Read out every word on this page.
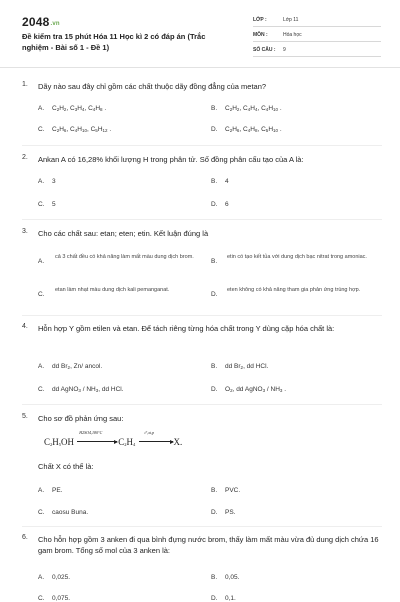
2048.vn
Đề kiểm tra 15 phút Hóa 11 Học kì 2 có đáp án (Trắc nghiệm - Bài số 1 - Đề 1)
LỚP :	Lớp 11
MÔN :	Hóa học
SỐ CÂU : 9
1. Dãy nào sau đây chỉ gồm các chất thuộc dãy đồng đẳng của metan?
A. $C_2H_2$, $C_3H_4$, $C_4H_8$ .	B. $C_2H_2$, $C_4H_4$, $C_4H_{10}$ .
C. $C_2H_6$, $C_4H_{10}$, $C_5H_{12}$ .	D. $C_2H_6$, $C_4H_8$, $C_5H_{10}$ .
2. Ankan A có 16,28% khối lượng H trong phân tử. Số đồng phân cấu tạo của A là:
A. 3	B. 4
C. 5	D. 6
3. Cho các chất sau: etan; eten; etin. Kết luận đúng là
A.
cả 3 chất đều có khả năng làm mất màu dung dịch brom.
B.
etin có tạo kết tủa với dung dịch bạc nitrat trong amoniac.
C.
etan làm nhạt màu dung dịch kali pemanganat.
D.
eten không có khả năng tham gia phản ứng trùng hợp.
4. Hỗn hợp Y gồm etilen và etan. Để tách riêng từng hóa chất trong Y dùng cặp hóa chất là:
A. dd $Br_2$, Zn/ ancol.	B. dd $Br_2$, dd HCl.
C. dd AgNO$_3$ / $NH_3$, dd HCl.	D. $O_2$, dd AgNO$_3$ / $NH_3$ .
5. Cho sơ đồ phản ứng sau:
$C_2H_5OH$
H2SO4,180°C
$C_2H_4$
t°,xt,p
X.
Chất X có thể là:
A. PE.	B. PVC.
C. caosu Buna.	D. PS.
6. Cho hỗn hợp gồm 3 anken đi qua bình đựng nước brom, thấy làm mất màu vừa đủ dung dịch chứa 16 gam brom. Tổng số mol của 3 anken là:
A. 0,025.	B. 0,05.
C. 0,075.	D. 0,1.
